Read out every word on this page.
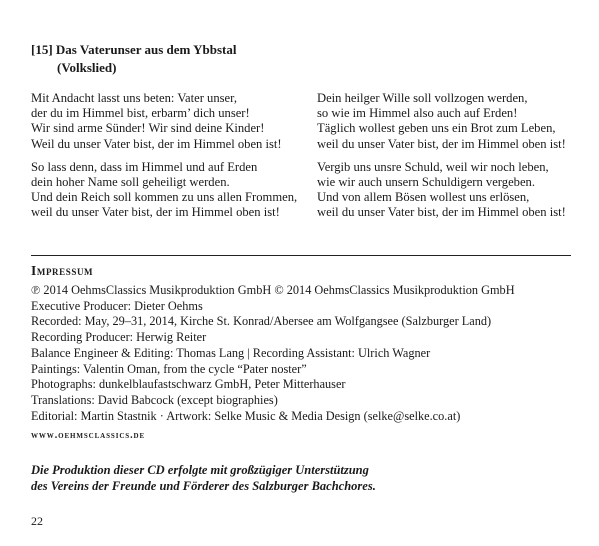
[15] Das Vaterunser aus dem Ybbstal
(Volkslied)
Mit Andacht lasst uns beten: Vater unser,
der du im Himmel bist, erbarm’ dich unser!
Wir sind arme Sünder! Wir sind deine Kinder!
Weil du unser Vater bist, der im Himmel oben ist!
So lass denn, dass im Himmel und auf Erden
dein hoher Name soll geheiligt werden.
Und dein Reich soll kommen zu uns allen Frommen,
weil du unser Vater bist, der im Himmel oben ist!
Dein heilger Wille soll vollzogen werden,
so wie im Himmel also auch auf Erden!
Täglich wollest geben uns ein Brot zum Leben,
weil du unser Vater bist, der im Himmel oben ist!
Vergib uns unsre Schuld, weil wir noch leben,
wie wir auch unsern Schuldigern vergeben.
Und von allem Bösen wollest uns erlösen,
weil du unser Vater bist, der im Himmel oben ist!
Impressum
℗ 2014 OehmsClassics Musikproduktion GmbH © 2014 OehmsClassics Musikproduktion GmbH
Executive Producer: Dieter Oehms
Recorded: May, 29–31, 2014, Kirche St. Konrad/Abersee am Wolfgangsee (Salzburger Land)
Recording Producer: Herwig Reiter
Balance Engineer & Editing: Thomas Lang | Recording Assistant: Ulrich Wagner
Paintings: Valentin Oman, from the cycle “Pater noster”
Photographs: dunkelblaufastschwarz GmbH, Peter Mitterhauser
Translations: David Babcock (except biographies)
Editorial: Martin Stastnik · Artwork: Selke Music & Media Design (selke@selke.co.at)
www.oehmsclassics.de
Die Produktion dieser CD erfolgte mit großzügiger Unterstützung
des Vereins der Freunde und Förderer des Salzburger Bachchores.
22
